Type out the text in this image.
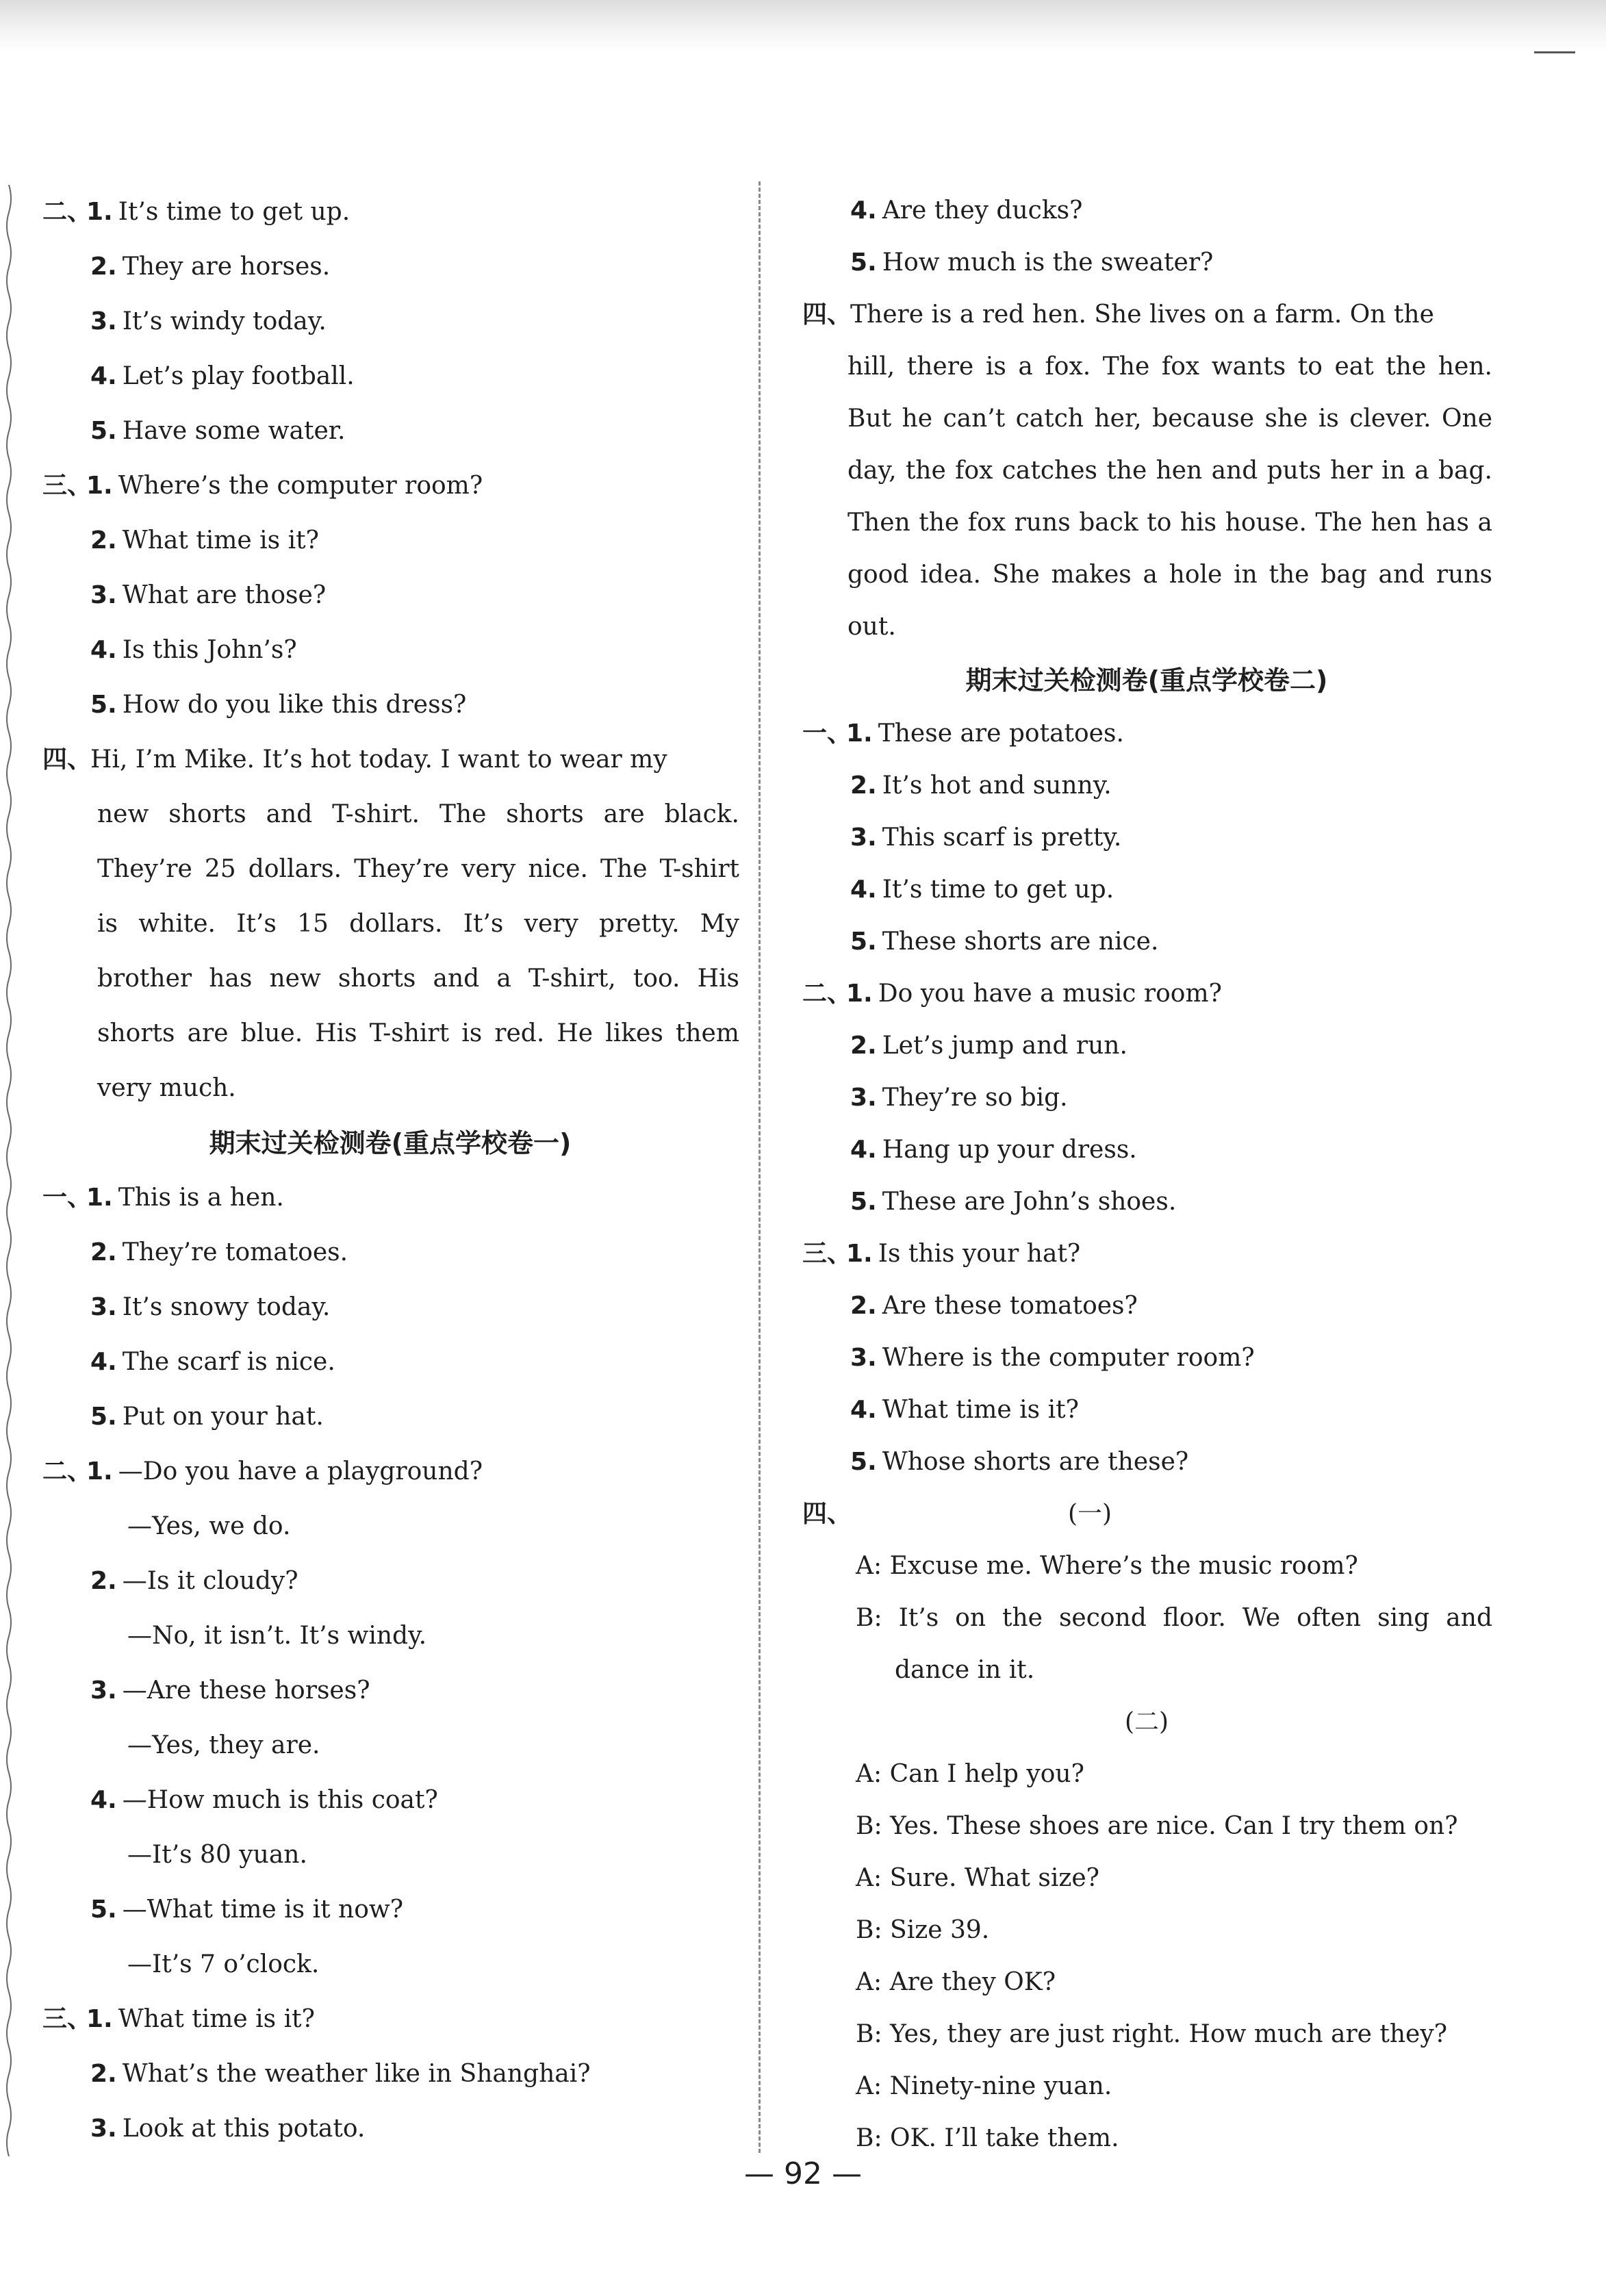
二、1. It’s time to get up.
2. They are horses.
3. It’s windy today.
4. Let’s play football.
5. Have some water.
三、1. Where’s the computer room?
2. What time is it?
3. What are those?
4. Is this John’s?
5. How do you like this dress?
四、Hi, I’m Mike. It’s hot today. I want to wear my
new shorts and T-shirt. The shorts are black.
They’re 25 dollars. They’re very nice. The T-shirt
is white. It’s 15 dollars. It’s very pretty. My
brother has new shorts and a T-shirt, too. His
shorts are blue. His T-shirt is red. He likes them
very much.
期末过关检测卷(重点学校卷一)
一、1. This is a hen.
2. They’re tomatoes.
3. It’s snowy today.
4. The scarf is nice.
5. Put on your hat.
二、1. —Do you have a playground?
—Yes, we do.
2. —Is it cloudy?
—No, it isn’t. It’s windy.
3. —Are these horses?
—Yes, they are.
4. —How much is this coat?
—It’s 80 yuan.
5. —What time is it now?
—It’s 7 o’clock.
三、1. What time is it?
2. What’s the weather like in Shanghai?
3. Look at this potato.
4. Are they ducks?
5. How much is the sweater?
四、There is a red hen. She lives on a farm. On the
hill, there is a fox. The fox wants to eat the hen.
But he can’t catch her, because she is clever. One
day, the fox catches the hen and puts her in a bag.
Then the fox runs back to his house. The hen has a
good idea. She makes a hole in the bag and runs
out.
期末过关检测卷(重点学校卷二)
一、1. These are potatoes.
2. It’s hot and sunny.
3. This scarf is pretty.
4. It’s time to get up.
5. These shorts are nice.
二、1. Do you have a music room?
2. Let’s jump and run.
3. They’re so big.
4. Hang up your dress.
5. These are John’s shoes.
三、1. Is this your hat?
2. Are these tomatoes?
3. Where is the computer room?
4. What time is it?
5. Whose shorts are these?
四、	(一)
A: Excuse me. Where’s the music room?
B: It’s on the second floor. We often sing and
dance in it.
(二)
A: Can I help you?
B: Yes. These shoes are nice. Can I try them on?
A: Sure. What size?
B: Size 39.
A: Are they OK?
B: Yes, they are just right. How much are they?
A: Ninety-nine yuan.
B: OK. I’ll take them.
— 92 —
